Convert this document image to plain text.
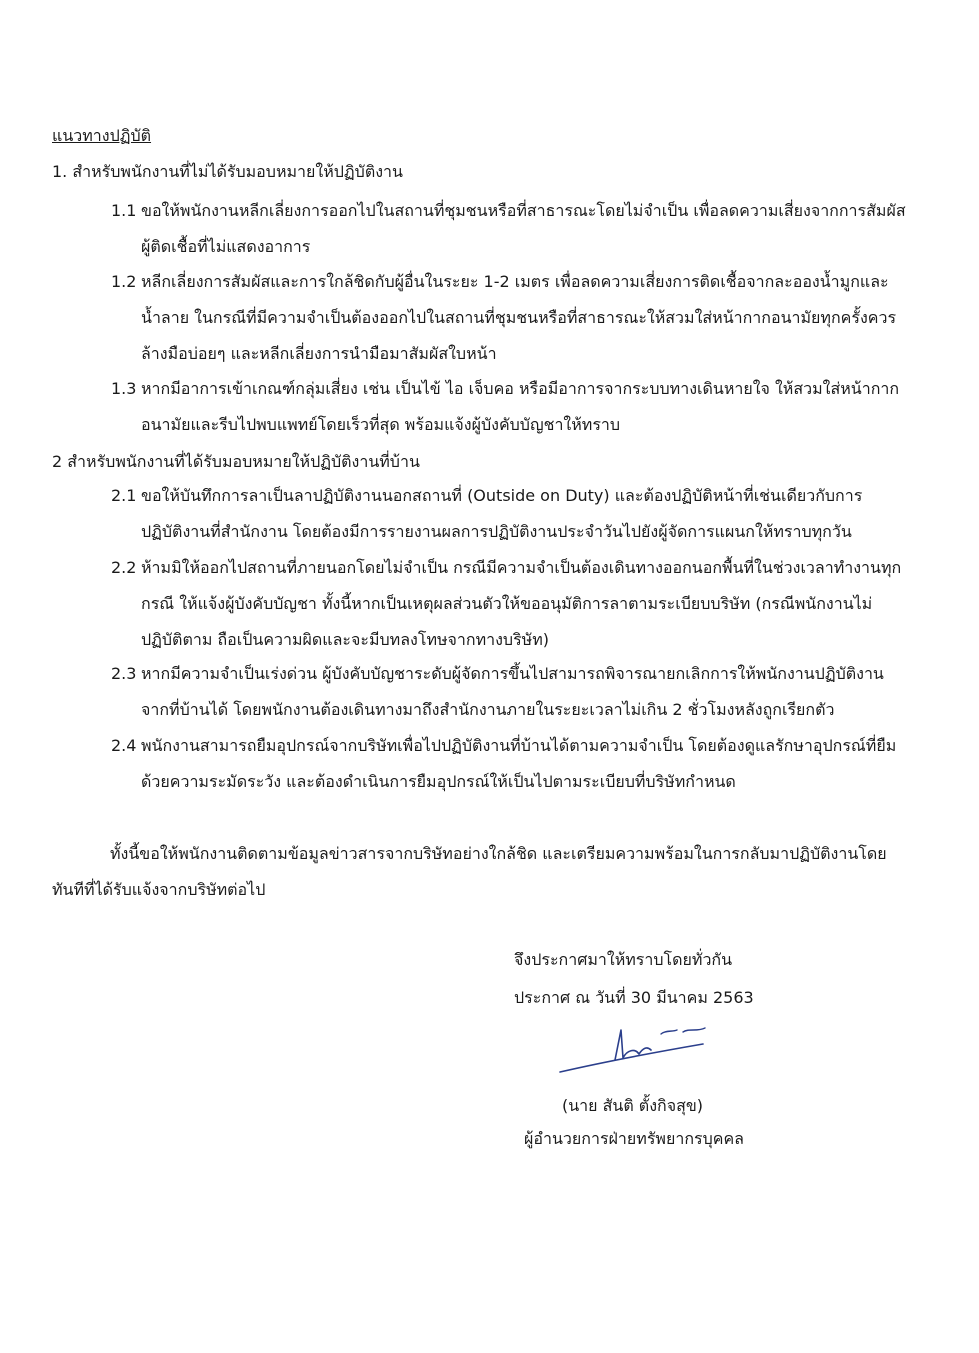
แนวทางปฏิบัติ
1. สำหรับพนักงานที่ไม่ได้รับมอบหมายให้ปฏิบัติงาน
1.1 ขอให้พนักงานหลีกเลี่ยงการออกไปในสถานที่ชุมชนหรือที่สาธารณะโดยไม่จำเป็น เพื่อลดความเสี่ยงจากการสัมผัส
ผู้ติดเชื้อที่ไม่แสดงอาการ
1.2 หลีกเลี่ยงการสัมผัสและการใกล้ชิดกับผู้อื่นในระยะ 1-2 เมตร เพื่อลดความเสี่ยงการติดเชื้อจากละอองน้ำมูกและ
น้ำลาย ในกรณีที่มีความจำเป็นต้องออกไปในสถานที่ชุมชนหรือที่สาธารณะให้สวมใส่หน้ากากอนามัยทุกครั้งควร
ล้างมือบ่อยๆ และหลีกเลี่ยงการนำมือมาสัมผัสใบหน้า
1.3 หากมีอาการเข้าเกณฑ์กลุ่มเสี่ยง เช่น เป็นไข้ ไอ เจ็บคอ หรือมีอาการจากระบบทางเดินหายใจ ให้สวมใส่หน้ากาก
อนามัยและรีบไปพบแพทย์โดยเร็วที่สุด พร้อมแจ้งผู้บังคับบัญชาให้ทราบ
2 สำหรับพนักงานที่ได้รับมอบหมายให้ปฏิบัติงานที่บ้าน
2.1 ขอให้บันทึกการลาเป็นลาปฏิบัติงานนอกสถานที่ (Outside on Duty) และต้องปฏิบัติหน้าที่เช่นเดียวกับการ
ปฏิบัติงานที่สำนักงาน โดยต้องมีการรายงานผลการปฏิบัติงานประจำวันไปยังผู้จัดการแผนกให้ทราบทุกวัน
2.2 ห้ามมิให้ออกไปสถานที่ภายนอกโดยไม่จำเป็น กรณีมีความจำเป็นต้องเดินทางออกนอกพื้นที่ในช่วงเวลาทำงานทุก
กรณี ให้แจ้งผู้บังคับบัญชา ทั้งนี้หากเป็นเหตุผลส่วนตัวให้ขออนุมัติการลาตามระเบียบบริษัท (กรณีพนักงานไม่
ปฏิบัติตาม ถือเป็นความผิดและจะมีบทลงโทษจากทางบริษัท)
2.3 หากมีความจำเป็นเร่งด่วน ผู้บังคับบัญชาระดับผู้จัดการขึ้นไปสามารถพิจารณายกเลิกการให้พนักงานปฏิบัติงาน
จากที่บ้านได้ โดยพนักงานต้องเดินทางมาถึงสำนักงานภายในระยะเวลาไม่เกิน 2 ชั่วโมงหลังถูกเรียกตัว
2.4 พนักงานสามารถยืมอุปกรณ์จากบริษัทเพื่อไปปฏิบัติงานที่บ้านได้ตามความจำเป็น โดยต้องดูแลรักษาอุปกรณ์ที่ยืม
ด้วยความระมัดระวัง และต้องดำเนินการยืมอุปกรณ์ให้เป็นไปตามระเบียบที่บริษัทกำหนด
ทั้งนี้ขอให้พนักงานติดตามข้อมูลข่าวสารจากบริษัทอย่างใกล้ชิด และเตรียมความพร้อมในการกลับมาปฏิบัติงานโดย
ทันทีที่ได้รับแจ้งจากบริษัทต่อไป
จึงประกาศมาให้ทราบโดยทั่วกัน
ประกาศ ณ วันที่ 30 มีนาคม 2563
(นาย สันติ ตั้งกิจสุข)
ผู้อำนวยการฝ่ายทรัพยากรบุคคล
